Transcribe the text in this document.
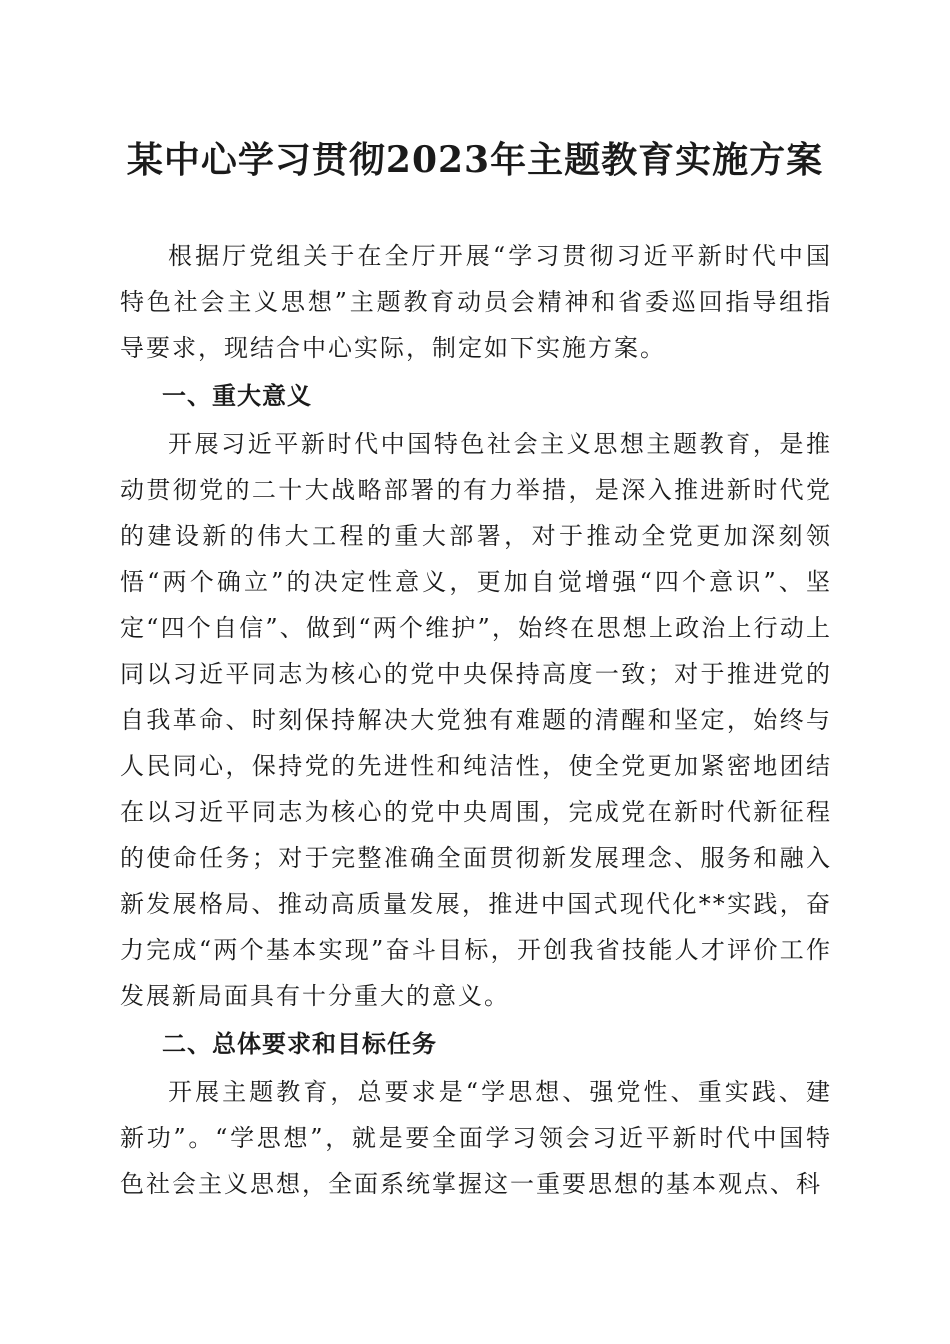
某中心学习贯彻2023年主题教育实施方案

根据厅党组关于在全厅开展“学习贯彻习近平新时代中国特色社会主义思想”主题教育动员会精神和省委巡回指导组指导要求，现结合中心实际，制定如下实施方案。

一、重大意义

开展习近平新时代中国特色社会主义思想主题教育，是推动贯彻党的二十大战略部署的有力举措，是深入推进新时代党的建设新的伟大工程的重大部署，对于推动全党更加深刻领悟“两个确立”的决定性意义，更加自觉增强“四个意识”、坚定“四个自信”、做到“两个维护”，始终在思想上政治上行动上同以习近平同志为核心的党中央保持高度一致；对于推进党的自我革命、时刻保持解决大党独有难题的清醒和坚定，始终与人民同心，保持党的先进性和纯洁性，使全党更加紧密地团结在以习近平同志为核心的党中央周围，完成党在新时代新征程的使命任务；对于完整准确全面贯彻新发展理念、服务和融入新发展格局、推动高质量发展，推进中国式现代化**实践，奋力完成“两个基本实现”奋斗目标，开创我省技能人才评价工作发展新局面具有十分重大的意义。

二、总体要求和目标任务

开展主题教育，总要求是“学思想、强党性、重实践、建新功”。“学思想”，就是要全面学习领会习近平新时代中国特色社会主义思想，全面系统掌握这一重要思想的基本观点、科
